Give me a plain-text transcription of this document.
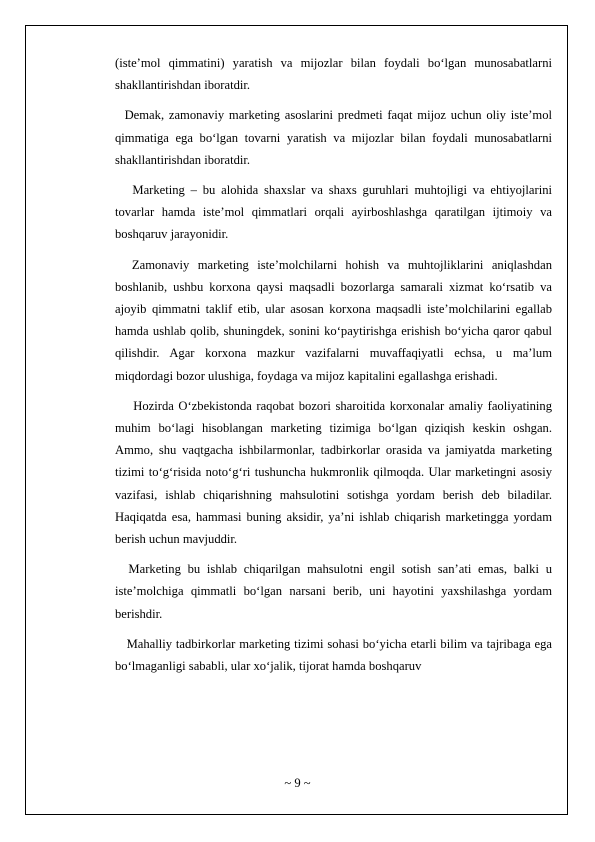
(iste’mol qimmatini) yaratish va mijozlar bilan foydali bo‘lgan munosabatlarni shakllantirishdan iboratdir.

Demak, zamonaviy marketing asoslarini predmeti faqat mijoz uchun oliy iste’mol qimmatiga ega bo‘lgan tovarni yaratish va mijozlar bilan foydali munosabatlarni shakllantirishdan iboratdir.

Marketing – bu alohida shaxslar va shaxs guruhlari muhtojligi va ehtiyojlarini tovarlar hamda iste’mol qimmatlari orqali ayirboshlashga qaratilgan ijtimoiy va boshqaruv jarayonidir.

Zamonaviy marketing iste’molchilarni hohish va muhtojliklarini aniqlashdan boshlanib, ushbu korxona qaysi maqsadli bozorlarga samarali xizmat ko‘rsatib va ajoyib qimmatni taklif etib, ular asosan korxona maqsadli iste’molchilarini egallab hamda ushlab qolib, shuningdek, sonini ko‘paytirishga erishish bo‘yicha qaror qabul qilishdir. Agar korxona mazkur vazifalarni muvaffaqiyatli echsa, u ma’lum miqdordagi bozor ulushiga, foydaga va mijoz kapitalini egallashga erishadi.

Hozirda O‘zbekistonda raqobat bozori sharoitida korxonalar amaliy faoliyatining muhim bo‘lagi hisoblangan marketing tizimiga bo‘lgan qiziqish keskin oshgan. Ammo, shu vaqtgacha ishbilarmonlar, tadbirkorlar orasida va jamiyatda marketing tizimi to‘g‘risida noto‘g‘ri tushuncha hukmronlik qilmoqda. Ular marketingni asosiy vazifasi, ishlab chiqarishning mahsulotini sotishga yordam berish deb biladilar. Haqiqatda esa, hammasi buning aksidir, ya’ni ishlab chiqarish marketingga yordam berish uchun mavjuddir.

Marketing bu ishlab chiqarilgan mahsulotni engil sotish san’ati emas, balki u iste’molchiga qimmatli bo‘lgan narsani berib, uni hayotini yaxshilashga yordam berishdir.

Mahalliy tadbirkorlar marketing tizimi sohasi bo‘yicha etarli bilim va tajribaga ega bo‘lmaganligi sababli, ular xo‘jalik, tijorat hamda boshqaruv

~ 9 ~
